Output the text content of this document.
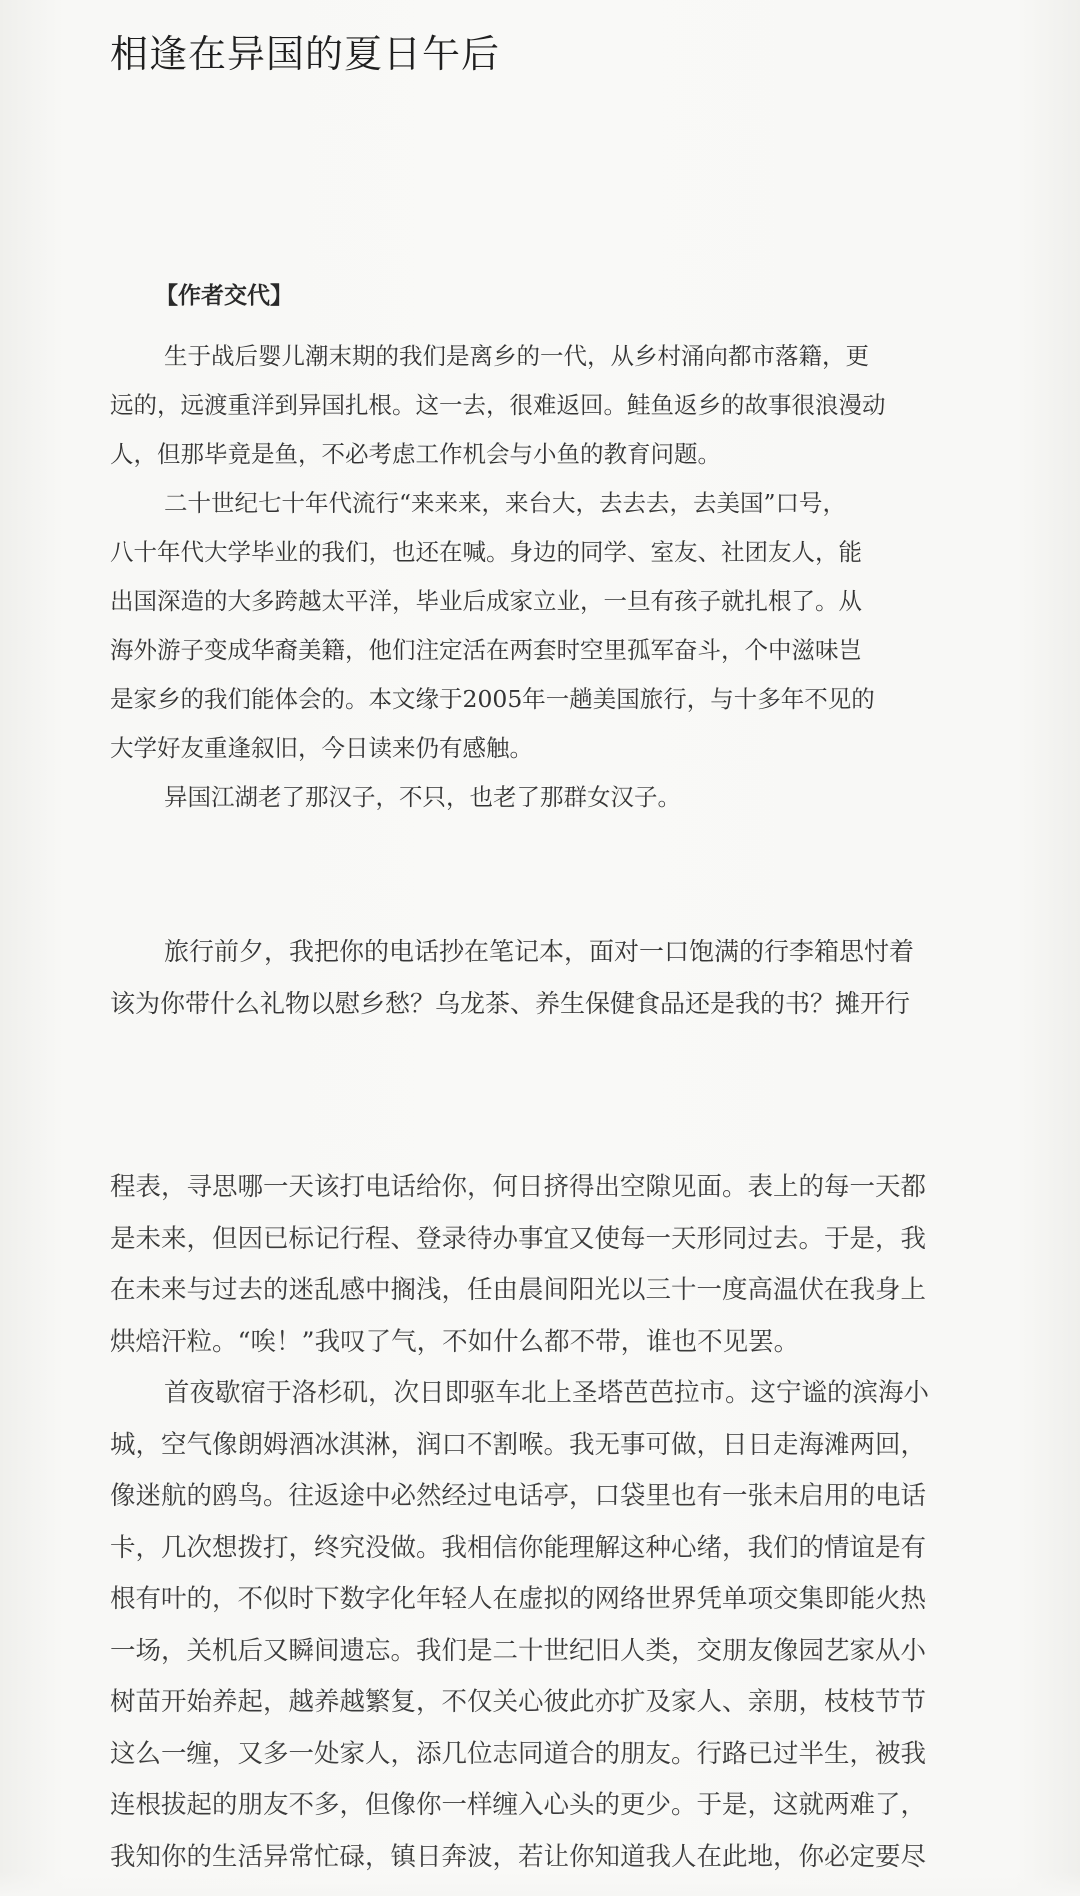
相逢在异国的夏日午后
【作者交代】
生于战后婴儿潮末期的我们是离乡的一代，从乡村涌向都市落籍，更
远的，远渡重洋到异国扎根。这一去，很难返回。鲑鱼返乡的故事很浪漫动
人，但那毕竟是鱼，不必考虑工作机会与小鱼的教育问题。
二十世纪七十年代流行“来来来，来台大，去去去，去美国”口号，
八十年代大学毕业的我们，也还在喊。身边的同学、室友、社团友人，能
出国深造的大多跨越太平洋，毕业后成家立业，一旦有孩子就扎根了。从
海外游子变成华裔美籍，他们注定活在两套时空里孤军奋斗，个中滋味岂
是家乡的我们能体会的。本文缘于2005年一趟美国旅行，与十多年不见的
大学好友重逢叙旧，今日读来仍有感触。
异国江湖老了那汉子，不只，也老了那群女汉子。
旅行前夕，我把你的电话抄在笔记本，面对一口饱满的行李箱思忖着
该为你带什么礼物以慰乡愁？乌龙茶、养生保健食品还是我的书？摊开行
程表，寻思哪一天该打电话给你，何日挤得出空隙见面。表上的每一天都
是未来，但因已标记行程、登录待办事宜又使每一天形同过去。于是，我
在未来与过去的迷乱感中搁浅，任由晨间阳光以三十一度高温伏在我身上
烘焙汗粒。“唉！”我叹了气，不如什么都不带，谁也不见罢。
首夜歇宿于洛杉矶，次日即驱车北上圣塔芭芭拉市。这宁谧的滨海小
城，空气像朗姆酒冰淇淋，润口不割喉。我无事可做，日日走海滩两回，
像迷航的鸥鸟。往返途中必然经过电话亭，口袋里也有一张未启用的电话
卡，几次想拨打，终究没做。我相信你能理解这种心绪，我们的情谊是有
根有叶的，不似时下数字化年轻人在虚拟的网络世界凭单项交集即能火热
一场，关机后又瞬间遗忘。我们是二十世纪旧人类，交朋友像园艺家从小
树苗开始养起，越养越繁复，不仅关心彼此亦扩及家人、亲朋，枝枝节节
这么一缠，又多一处家人，添几位志同道合的朋友。行路已过半生，被我
连根拔起的朋友不多，但像你一样缠入心头的更少。于是，这就两难了，
我知你的生活异常忙碌，镇日奔波，若让你知道我人在此地，你必定要尽
